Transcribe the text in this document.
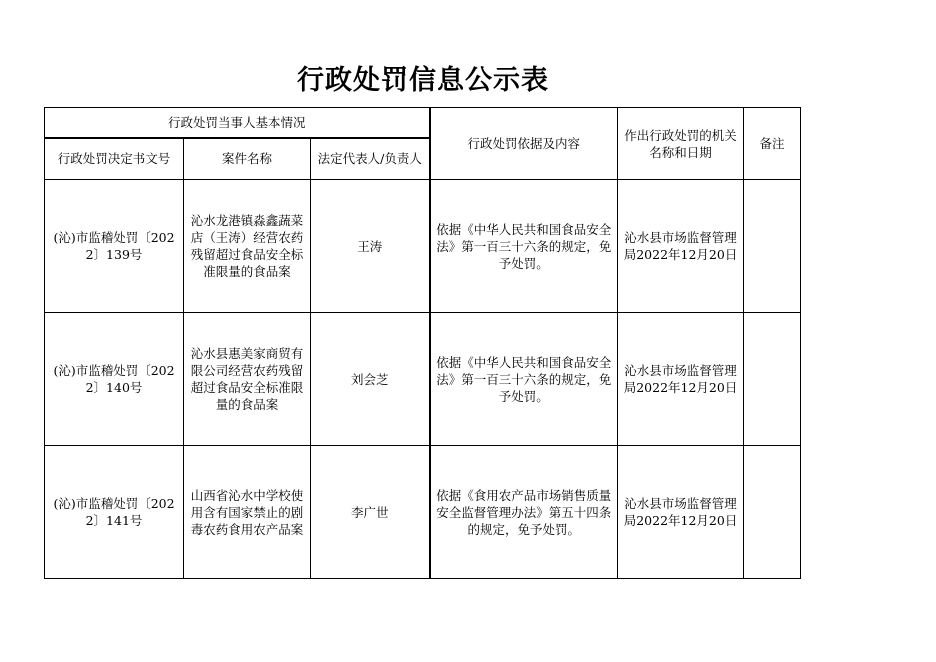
行政处罚信息公示表
行政处罚当事人基本情况			行政处罚依据及内容	作出行政处罚的机关名称和日期	备注
行政处罚决定书文号	案件名称	法定代表人/负责人			
(沁)市监稽处罚〔2022〕139号	沁水龙港镇淼鑫蔬菜店（王涛）经营农药残留超过食品安全标准限量的食品案	王涛	依据《中华人民共和国食品安全法》第一百三十六条的规定，免予处罚。	沁水县市场监督管理局2022年12月20日	
(沁)市监稽处罚〔2022〕140号	沁水县惠美家商贸有限公司经营农药残留超过食品安全标准限量的食品案	刘会芝	依据《中华人民共和国食品安全法》第一百三十六条的规定，免予处罚。	沁水县市场监督管理局2022年12月20日	
(沁)市监稽处罚〔2022〕141号	山西省沁水中学校使用含有国家禁止的剧毒农药食用农产品案	李广世	依据《食用农产品市场销售质量安全监督管理办法》第五十四条的规定，免予处罚。	沁水县市场监督管理局2022年12月20日	
